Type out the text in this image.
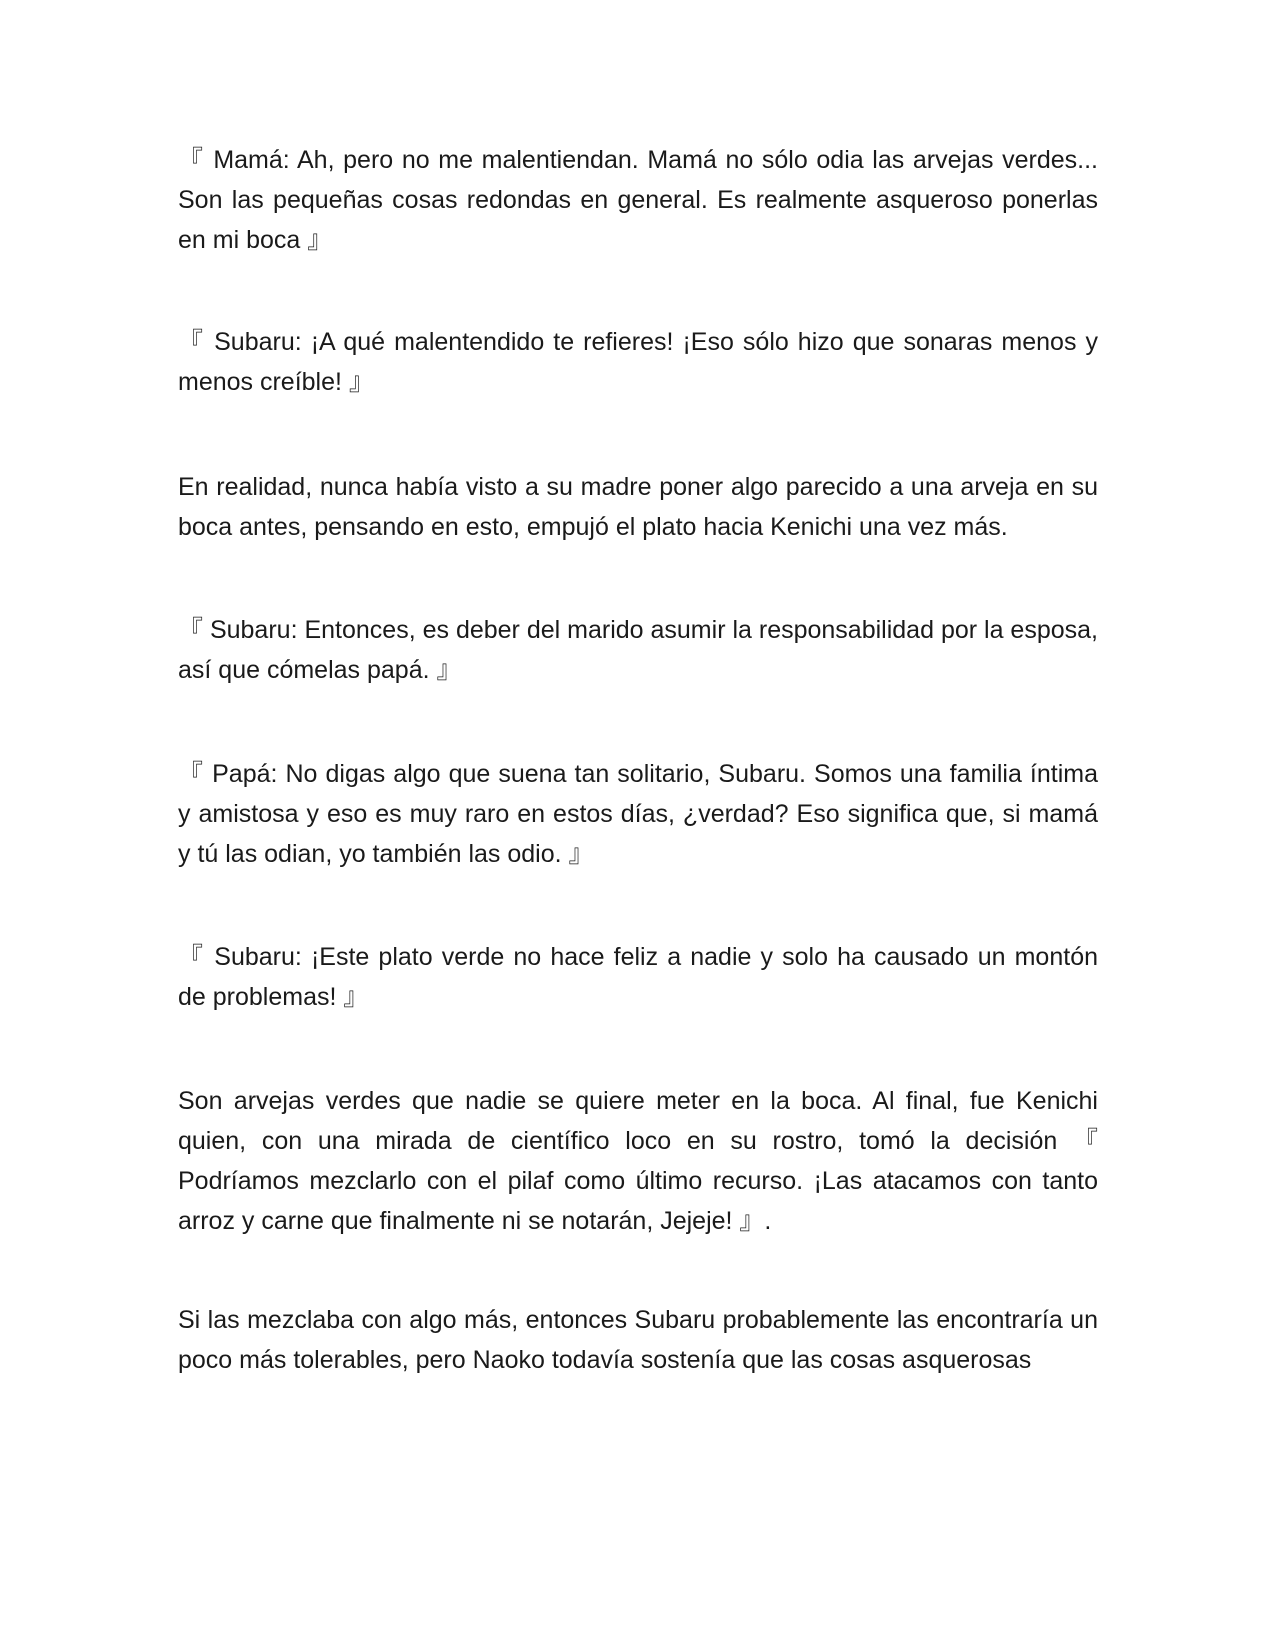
『 Mamá: Ah, pero no me malentiendan. Mamá no sólo odia las arvejas verdes... Son las pequeñas cosas redondas en general. Es realmente asqueroso ponerlas en mi boca 』

『 Subaru: ¡A qué malentendido te refieres! ¡Eso sólo hizo que sonaras menos y menos creíble! 』

En realidad, nunca había visto a su madre poner algo parecido a una arveja en su boca antes, pensando en esto, empujó el plato hacia Kenichi una vez más.

『 Subaru: Entonces, es deber del marido asumir la responsabilidad por la esposa, así que cómelas papá. 』

『 Papá: No digas algo que suena tan solitario, Subaru. Somos una familia íntima y amistosa y eso es muy raro en estos días, ¿verdad? Eso significa que, si mamá y tú las odian, yo también las odio. 』

『 Subaru: ¡Este plato verde no hace feliz a nadie y solo ha causado un montón de problemas! 』

Son arvejas verdes que nadie se quiere meter en la boca. Al final, fue Kenichi quien, con una mirada de científico loco en su rostro, tomó la decisión 『 Podríamos mezclarlo con el pilaf como último recurso. ¡Las atacamos con tanto arroz y carne que finalmente ni se notarán, Jejeje! 』.

Si las mezclaba con algo más, entonces Subaru probablemente las encontraría un poco más tolerables, pero Naoko todavía sostenía que las cosas asquerosas
